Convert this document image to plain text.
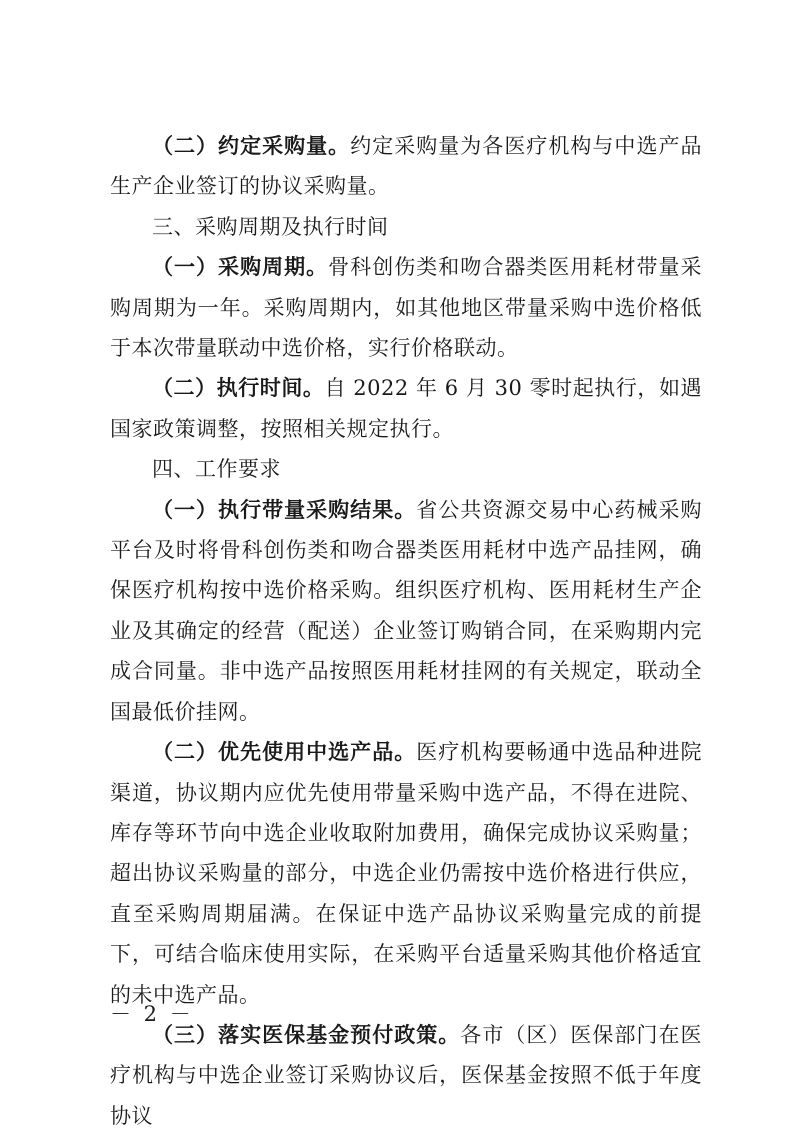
（二）约定采购量。约定采购量为各医疗机构与中选产品生产企业签订的协议采购量。

三、采购周期及执行时间

（一）采购周期。骨科创伤类和吻合器类医用耗材带量采购周期为一年。采购周期内，如其他地区带量采购中选价格低于本次带量联动中选价格，实行价格联动。

（二）执行时间。自 2022 年 6 月 30 零时起执行，如遇国家政策调整，按照相关规定执行。

四、工作要求

（一）执行带量采购结果。省公共资源交易中心药械采购平台及时将骨科创伤类和吻合器类医用耗材中选产品挂网，确保医疗机构按中选价格采购。组织医疗机构、医用耗材生产企业及其确定的经营（配送）企业签订购销合同，在采购期内完成合同量。非中选产品按照医用耗材挂网的有关规定，联动全国最低价挂网。

（二）优先使用中选产品。医疗机构要畅通中选品种进院渠道，协议期内应优先使用带量采购中选产品，不得在进院、库存等环节向中选企业收取附加费用，确保完成协议采购量；超出协议采购量的部分，中选企业仍需按中选价格进行供应，直至采购周期届满。在保证中选产品协议采购量完成的前提下，可结合临床使用实际，在采购平台适量采购其他价格适宜的未中选产品。

（三）落实医保基金预付政策。各市（区）医保部门在医疗机构与中选企业签订采购协议后，医保基金按照不低于年度协议

－ 2 －
